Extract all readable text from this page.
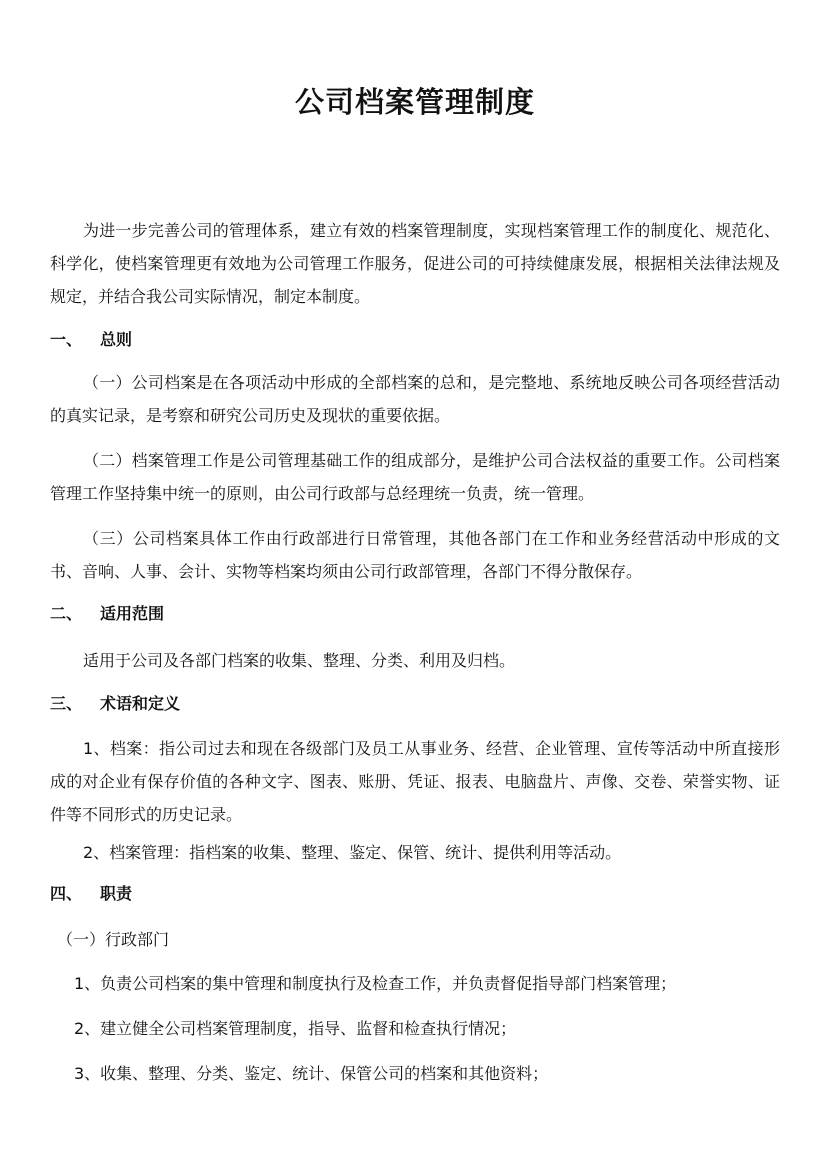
公司档案管理制度

为进一步完善公司的管理体系，建立有效的档案管理制度，实现档案管理工作的制度化、规范化、科学化，使档案管理更有效地为公司管理工作服务，促进公司的可持续健康发展，根据相关法律法规及规定，并结合我公司实际情况，制定本制度。

一、 总则

（一）公司档案是在各项活动中形成的全部档案的总和，是完整地、系统地反映公司各项经营活动的真实记录，是考察和研究公司历史及现状的重要依据。

（二）档案管理工作是公司管理基础工作的组成部分，是维护公司合法权益的重要工作。公司档案管理工作坚持集中统一的原则，由公司行政部与总经理统一负责，统一管理。

（三）公司档案具体工作由行政部进行日常管理，其他各部门在工作和业务经营活动中形成的文书、音响、人事、会计、实物等档案均须由公司行政部管理，各部门不得分散保存。

二、 适用范围

适用于公司及各部门档案的收集、整理、分类、利用及归档。

三、 术语和定义

1、档案：指公司过去和现在各级部门及员工从事业务、经营、企业管理、宣传等活动中所直接形成的对企业有保存价值的各种文字、图表、账册、凭证、报表、电脑盘片、声像、交卷、荣誉实物、证件等不同形式的历史记录。

2、档案管理：指档案的收集、整理、鉴定、保管、统计、提供利用等活动。

四、 职责

（一）行政部门

1、负责公司档案的集中管理和制度执行及检查工作，并负责督促指导部门档案管理；

2、建立健全公司档案管理制度，指导、监督和检查执行情况；

3、收集、整理、分类、鉴定、统计、保管公司的档案和其他资料；
